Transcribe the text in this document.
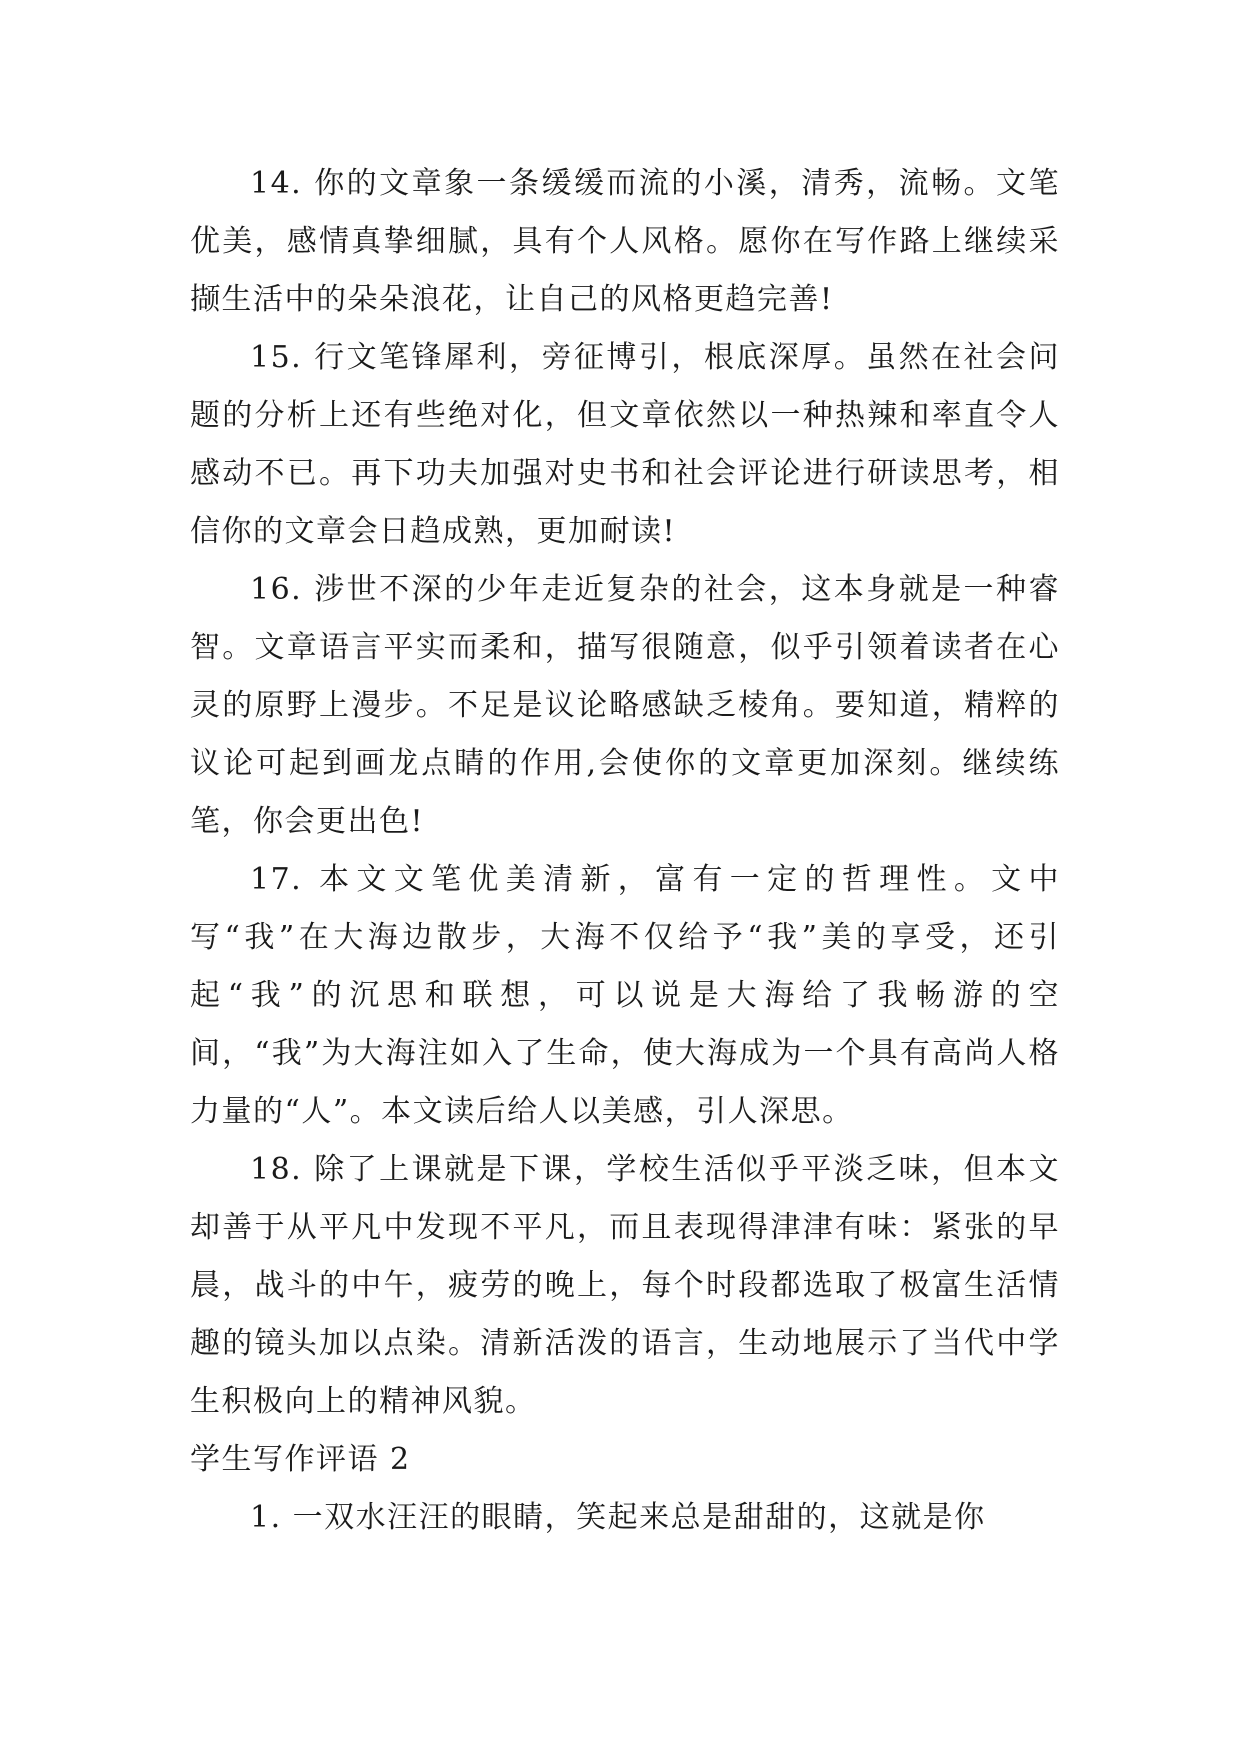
14. 你的文章象一条缓缓而流的小溪，清秀，流畅。文笔优美，感情真挚细腻，具有个人风格。愿你在写作路上继续采撷生活中的朵朵浪花，让自己的风格更趋完善!

15. 行文笔锋犀利，旁征博引，根底深厚。虽然在社会问题的分析上还有些绝对化，但文章依然以一种热辣和率直令人感动不已。再下功夫加强对史书和社会评论进行研读思考，相信你的文章会日趋成熟，更加耐读!

16. 涉世不深的少年走近复杂的社会，这本身就是一种睿智。文章语言平实而柔和，描写很随意，似乎引领着读者在心灵的原野上漫步。不足是议论略感缺乏棱角。要知道，精粹的议论可起到画龙点睛的作用,会使你的文章更加深刻。继续练笔，你会更出色!

17. 本文文笔优美清新，富有一定的哲理性。文中写“我”在大海边散步，大海不仅给予“我”美的享受，还引起“我”的沉思和联想，可以说是大海给了我畅游的空间，“我”为大海注如入了生命，使大海成为一个具有高尚人格力量的“人”。本文读后给人以美感，引人深思。

18. 除了上课就是下课，学校生活似乎平淡乏味，但本文却善于从平凡中发现不平凡，而且表现得津津有味：紧张的早晨，战斗的中午，疲劳的晚上，每个时段都选取了极富生活情趣的镜头加以点染。清新活泼的语言，生动地展示了当代中学生积极向上的精神风貌。

学生写作评语 2

1. 一双水汪汪的眼睛，笑起来总是甜甜的，这就是你
